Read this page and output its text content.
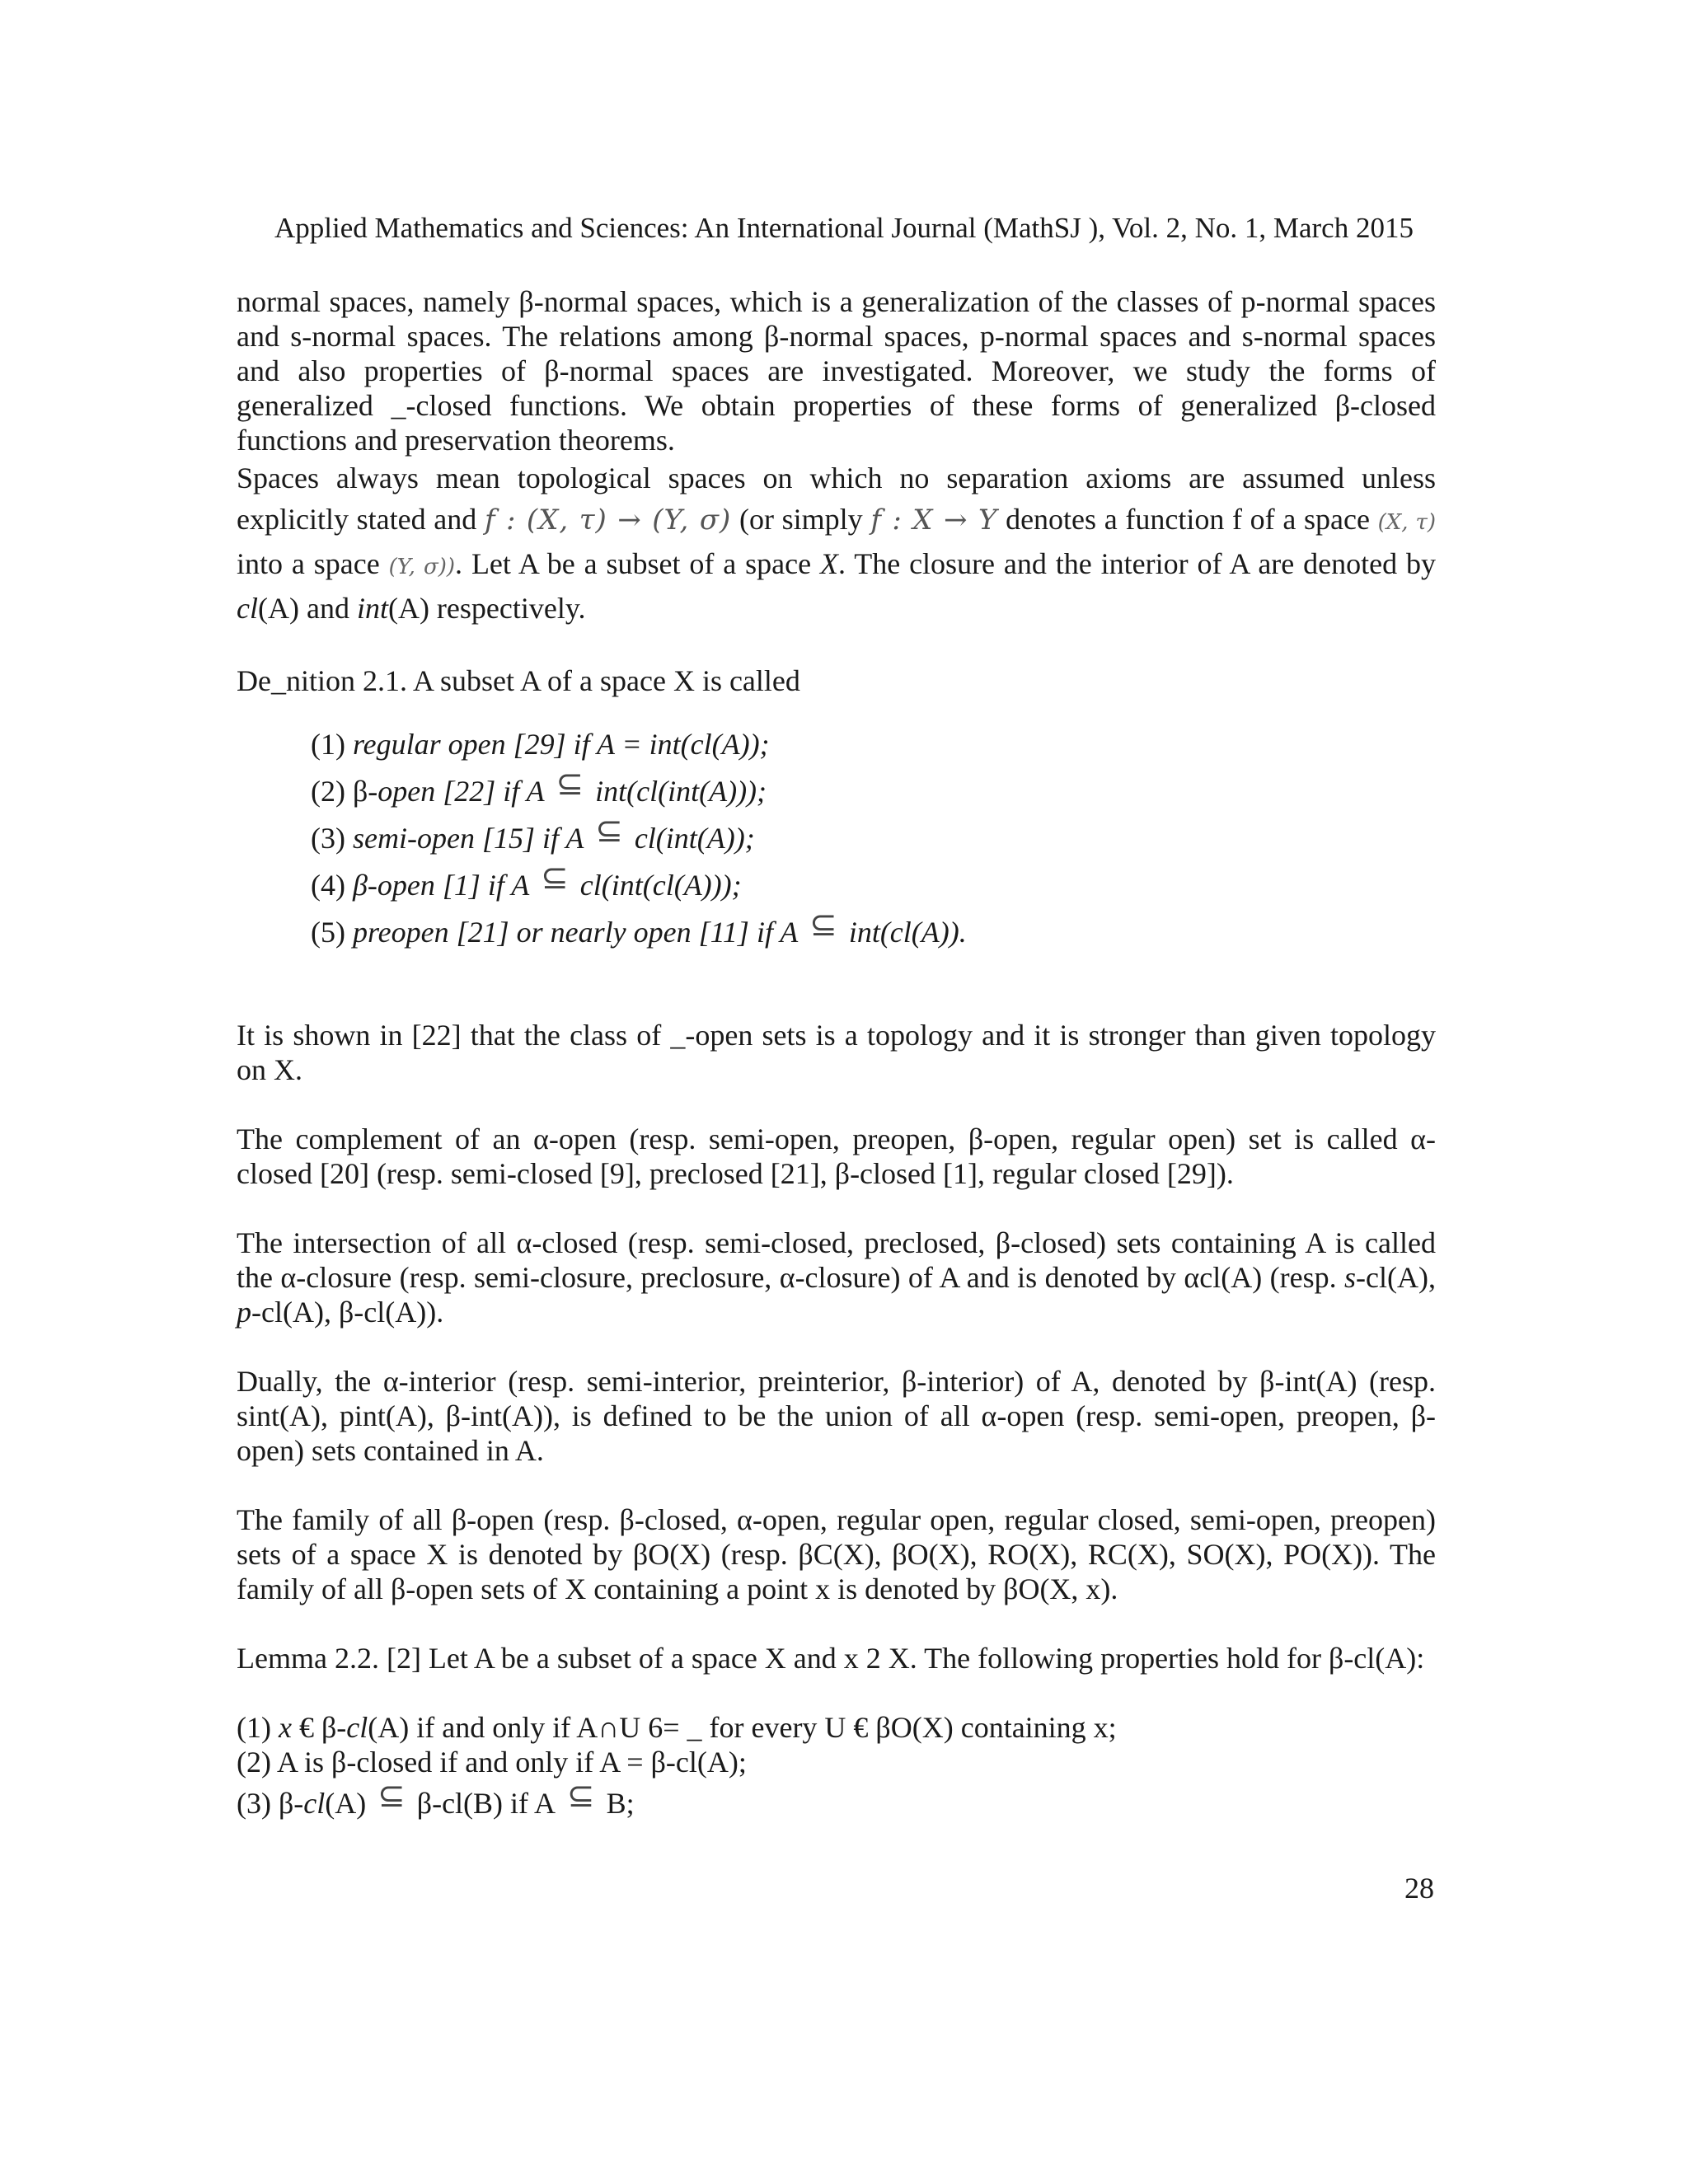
Applied Mathematics and Sciences: An International Journal (MathSJ ), Vol. 2, No. 1, March 2015

normal spaces, namely β-normal spaces, which is a generalization of the classes of p-normal spaces and s-normal spaces. The relations among β-normal spaces, p-normal spaces and s-normal spaces and also properties of β-normal spaces are investigated. Moreover, we study the forms of generalized _-closed functions. We obtain properties of these forms of generalized β-closed functions and preservation theorems.

Spaces always mean topological spaces on which no separation axioms are assumed unless explicitly stated and f : (X, τ) → (Y, σ) (or simply f : X → Y denotes a function f of a space (X, τ) into a space (Y, σ)). Let A be a subset of a space X. The closure and the interior of A are denoted by cl(A) and int(A) respectively.

De_nition 2.1. A subset A of a space X is called

(1) regular open [29] if A = int(cl(A));

(2) β-open [22] if A ⊆ int(cl(int(A)));

(3) semi-open [15] if A ⊆ cl(int(A));

(4) β-open [1] if A ⊆ cl(int(cl(A)));

(5) preopen [21] or nearly open [11] if A ⊆ int(cl(A)).

It is shown in [22] that the class of _-open sets is a topology and it is stronger than given topology on X.

The complement of an α-open (resp. semi-open, preopen, β-open, regular open) set is called α-closed [20] (resp. semi-closed [9], preclosed [21], β-closed [1], regular closed [29]).

The intersection of all α-closed (resp. semi-closed, preclosed, β-closed) sets containing A is called the α-closure (resp. semi-closure, preclosure, α-closure) of A and is denoted by αcl(A) (resp. s-cl(A), p-cl(A), β-cl(A)).

Dually, the α-interior (resp. semi-interior, preinterior, β-interior) of A, denoted by β-int(A) (resp. sint(A), pint(A), β-int(A)), is defined to be the union of all α-open (resp. semi-open, preopen, β-open) sets contained in A.

The family of all β-open (resp. β-closed, α-open, regular open, regular closed, semi-open, preopen) sets of a space X is denoted by βO(X) (resp. βC(X), βO(X), RO(X), RC(X), SO(X), PO(X)). The family of all β-open sets of X containing a point x is denoted by βO(X, x).

Lemma 2.2. [2] Let A be a subset of a space X and x 2 X. The following properties hold for β-cl(A):

(1) x € β-cl(A) if and only if A∩U 6= _ for every U € βO(X) containing x;

(2) A is β-closed if and only if A = β-cl(A);

(3) β-cl(A) ⊆ β-cl(B) if A ⊆ B;

28
